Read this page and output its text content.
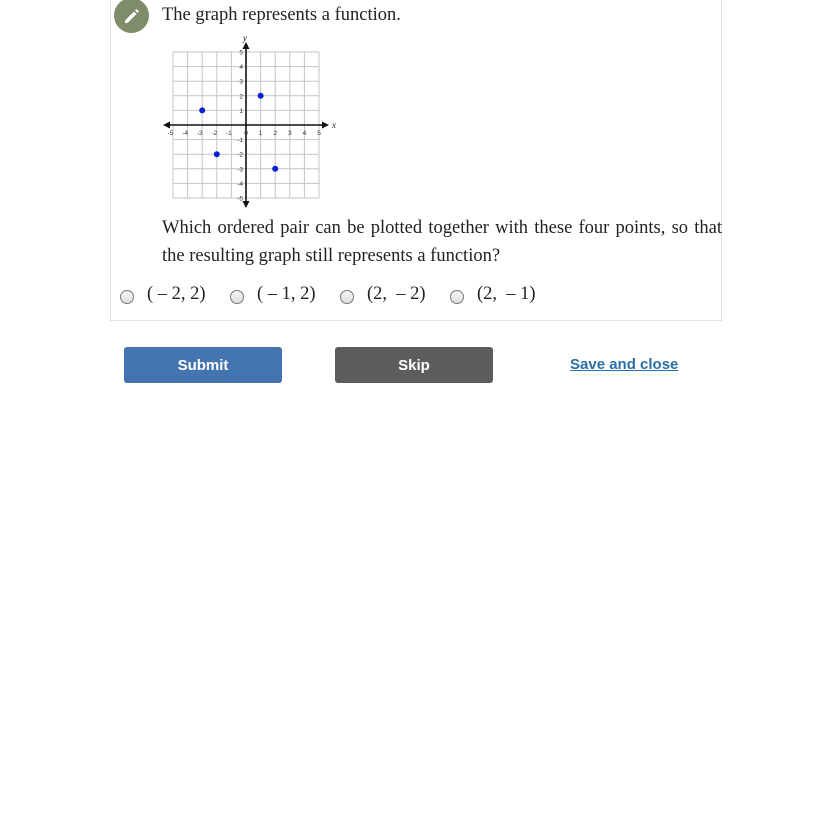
The graph represents a function.

x
y
-5 -4 -3 -2 -1 0 1 2 3 4 5
5
4
3
2
1
-1
-2
-3
-4
-5

Which ordered pair can be plotted together with these four points, so that the resulting graph still represents a function?

( ‒ 2, 2)	( ‒ 1, 2)	(2,  ‒ 2)	(2,  ‒ 1)
Submit	Skip	Save and close
